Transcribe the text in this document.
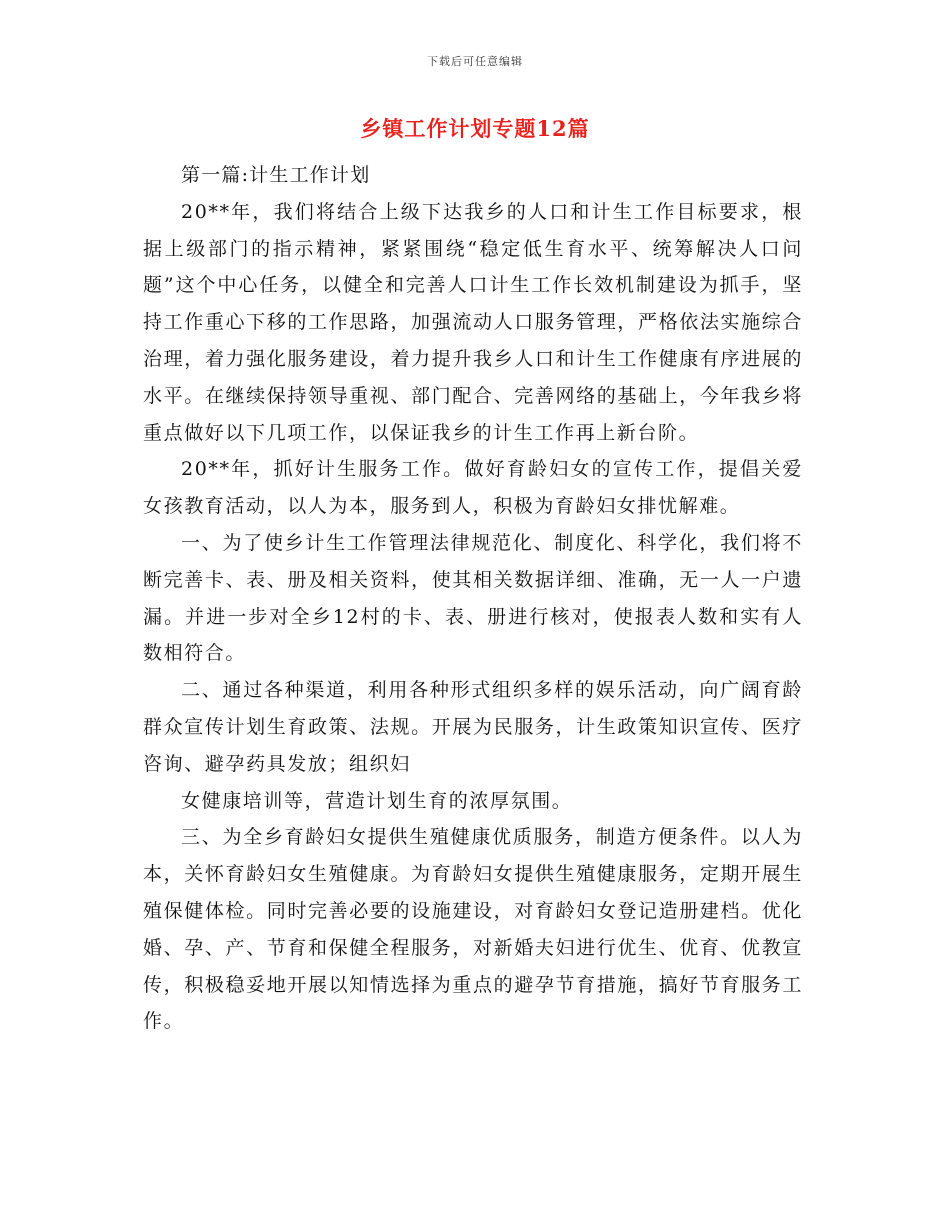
下载后可任意编辑
乡镇工作计划专题12篇

第一篇:计生工作计划

20**年，我们将结合上级下达我乡的人口和计生工作目标要求，根据上级部门的指示精神，紧紧围绕“稳定低生育水平、统筹解决人口问题”这个中心任务，以健全和完善人口计生工作长效机制建设为抓手，坚持工作重心下移的工作思路，加强流动人口服务管理，严格依法实施综合治理，着力强化服务建设，着力提升我乡人口和计生工作健康有序进展的水平。在继续保持领导重视、部门配合、完善网络的基础上，今年我乡将重点做好以下几项工作，以保证我乡的计生工作再上新台阶。

20**年，抓好计生服务工作。做好育龄妇女的宣传工作，提倡关爱女孩教育活动，以人为本，服务到人，积极为育龄妇女排忧解难。

一、为了使乡计生工作管理法律规范化、制度化、科学化，我们将不断完善卡、表、册及相关资料，使其相关数据详细、准确，无一人一户遗漏。并进一步对全乡12村的卡、表、册进行核对，使报表人数和实有人数相符合。

二、通过各种渠道，利用各种形式组织多样的娱乐活动，向广阔育龄群众宣传计划生育政策、法规。开展为民服务，计生政策知识宣传、医疗咨询、避孕药具发放；组织妇

女健康培训等，营造计划生育的浓厚氛围。

三、为全乡育龄妇女提供生殖健康优质服务，制造方便条件。以人为本，关怀育龄妇女生殖健康。为育龄妇女提供生殖健康服务，定期开展生殖保健体检。同时完善必要的设施建设，对育龄妇女登记造册建档。优化婚、孕、产、节育和保健全程服务，对新婚夫妇进行优生、优育、优教宣传，积极稳妥地开展以知情选择为重点的避孕节育措施，搞好节育服务工作。
